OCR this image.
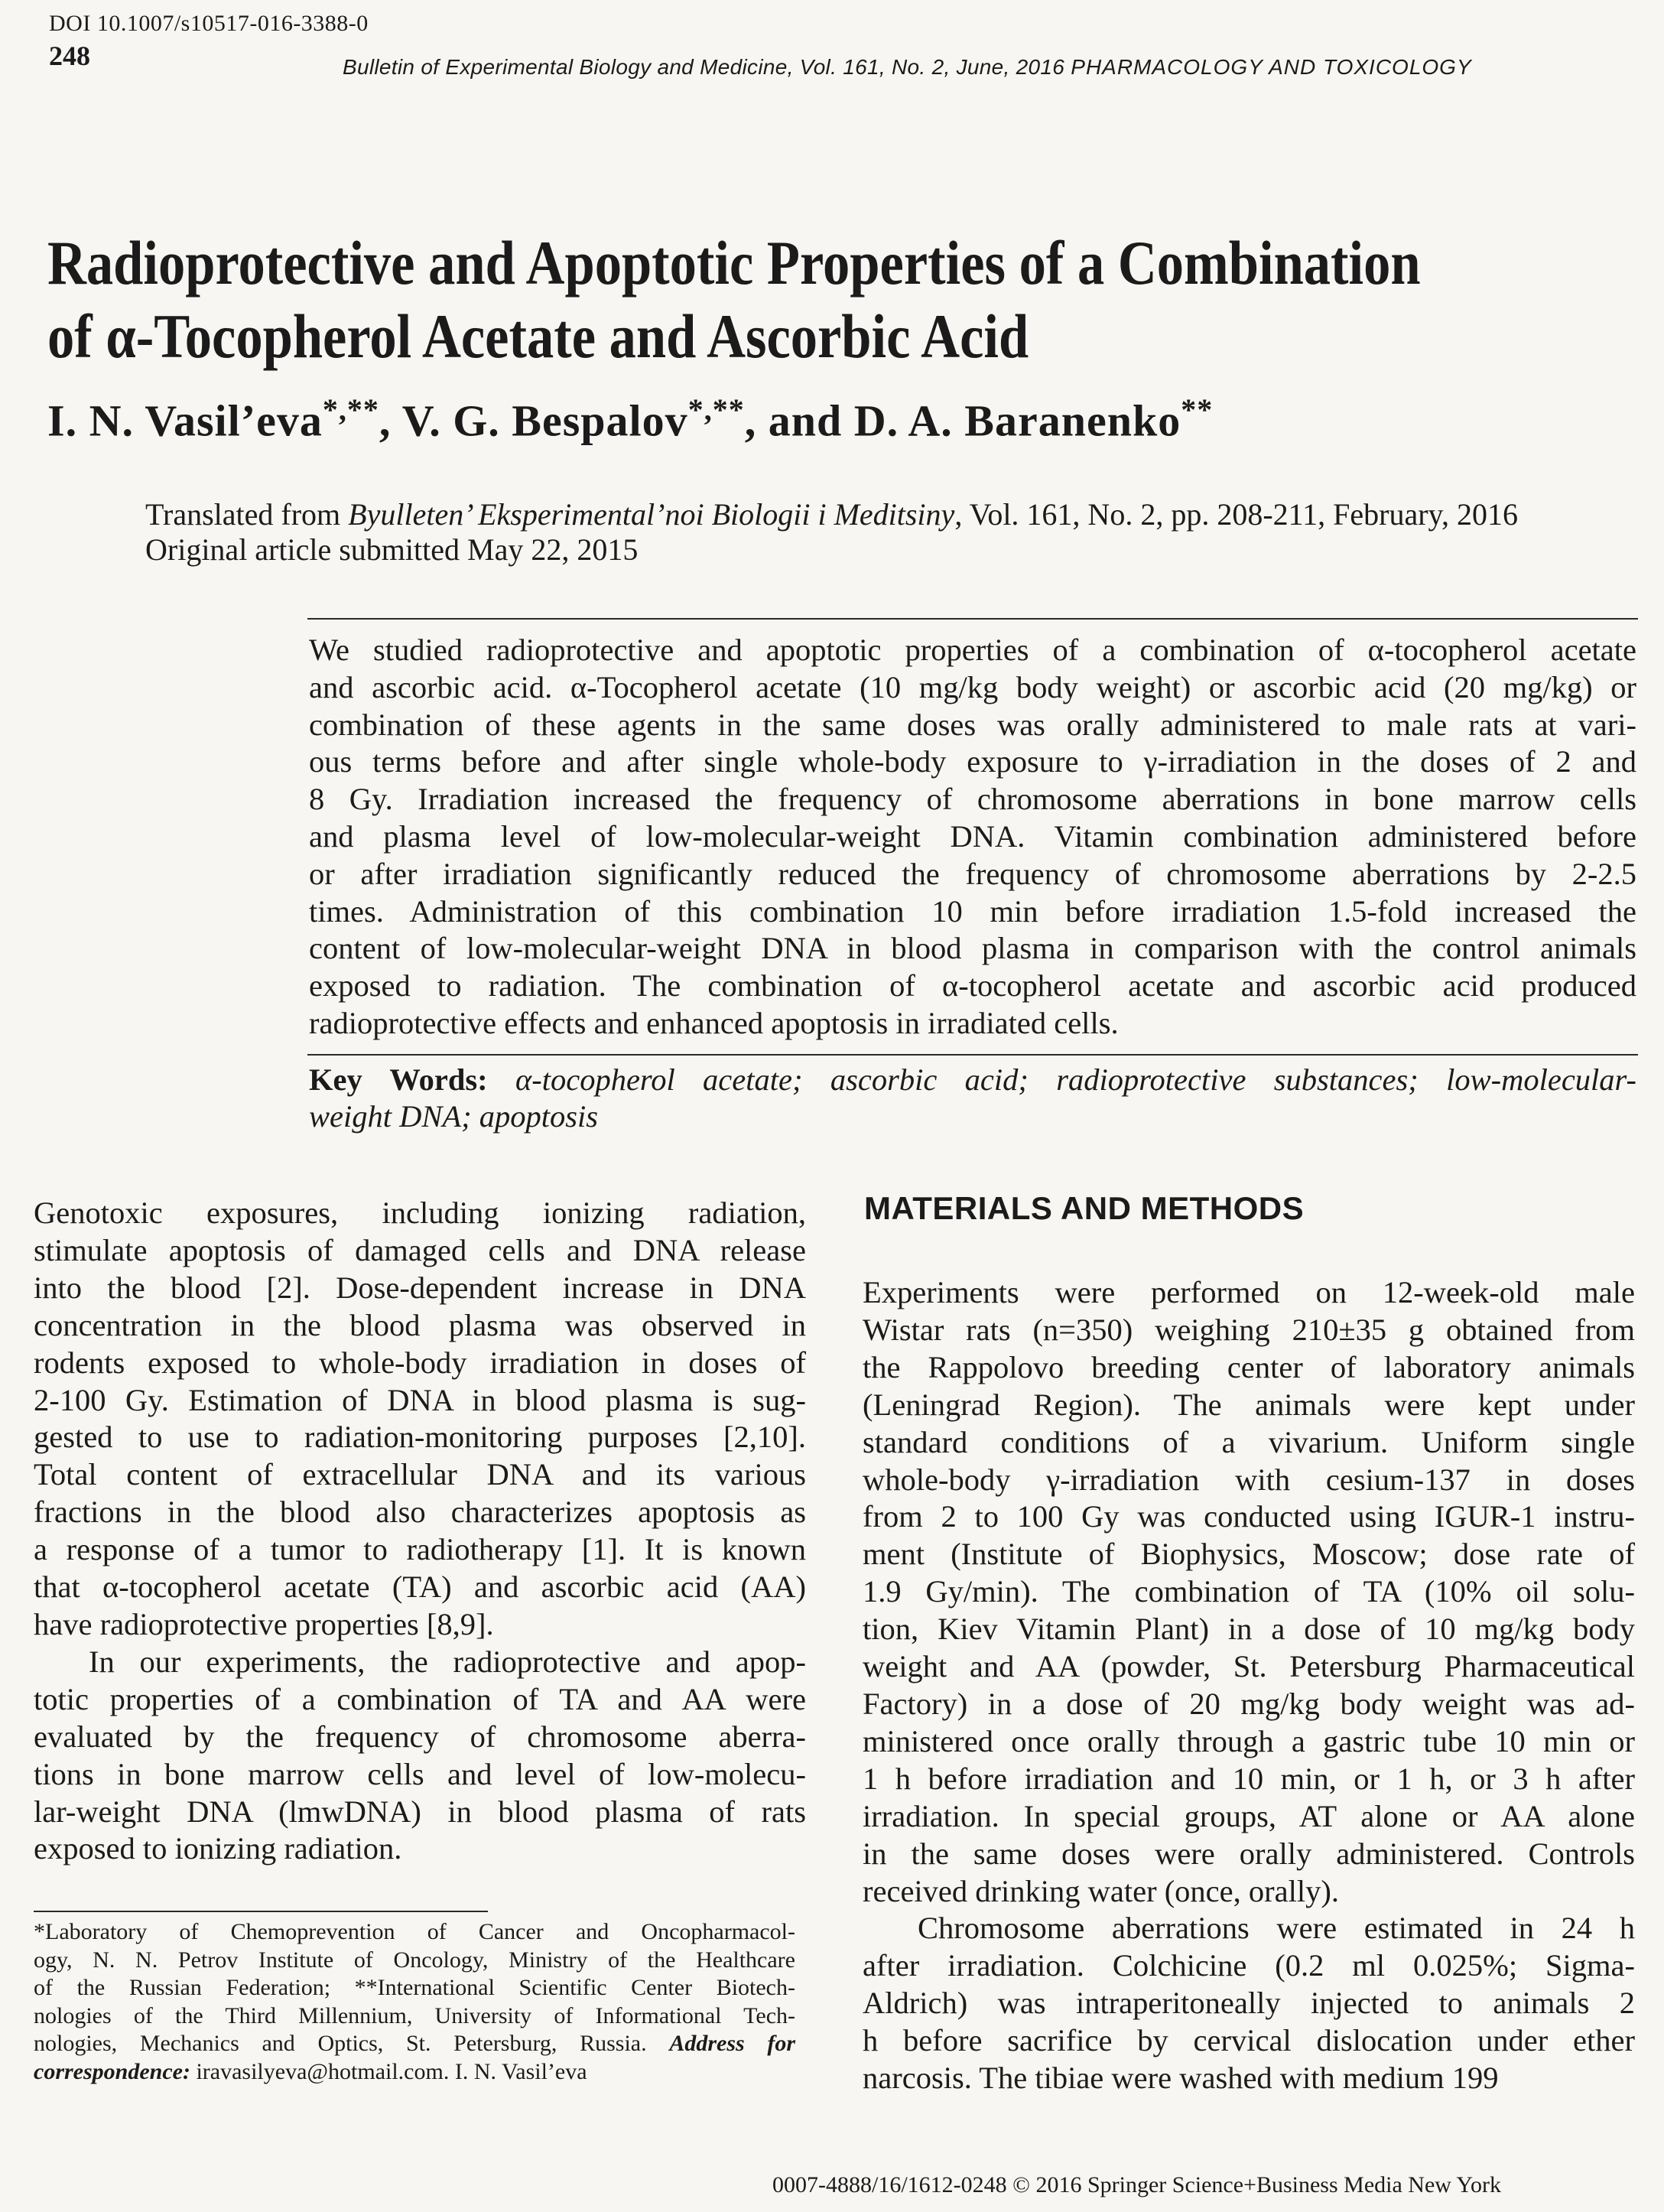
DOI 10.1007/s10517-016-3388-0
248	Bulletin of Experimental Biology and Medicine, Vol. 161, No. 2, June, 2016 PHARMACOLOGY AND TOXICOLOGY
Radioprotective and Apoptotic Properties of a Combination
of α-Tocopherol Acetate and Ascorbic Acid
I. N. Vasil’eva*,**, V. G. Bespalov*,**, and D. A. Baranenko**
Translated from Byulleten’ Eksperimental’noi Biologii i Meditsiny, Vol. 161, No. 2, pp. 208-211, February, 2016
Original article submitted May 22, 2015
We studied radioprotective and apoptotic properties of a combination of α-tocopherol acetate
and ascorbic acid. α-Tocopherol acetate (10 mg/kg body weight) or ascorbic acid (20 mg/kg) or
combination of these agents in the same doses was orally administered to male rats at vari-
ous terms before and after single whole-body exposure to γ-irradiation in the doses of 2 and
8 Gy. Irradiation increased the frequency of chromosome aberrations in bone marrow cells
and plasma level of low-molecular-weight DNA. Vitamin combination administered before
or after irradiation significantly reduced the frequency of chromosome aberrations by 2-2.5
times. Administration of this combination 10 min before irradiation 1.5-fold increased the
content of low-molecular-weight DNA in blood plasma in comparison with the control animals
exposed to radiation. The combination of α-tocopherol acetate and ascorbic acid produced
radioprotective effects and enhanced apoptosis in irradiated cells.
Key Words: α-tocopherol acetate; ascorbic acid; radioprotective substances; low-molecular-
weight DNA; apoptosis
Genotoxic exposures, including ionizing radiation,
stimulate apoptosis of damaged cells and DNA release
into the blood [2]. Dose-dependent increase in DNA
concentration in the blood plasma was observed in
rodents exposed to whole-body irradiation in doses of
2-100 Gy. Estimation of DNA in blood plasma is sug-
gested to use to radiation-monitoring purposes [2,10].
Total content of extracellular DNA and its various
fractions in the blood also characterizes apoptosis as
a response of a tumor to radiotherapy [1]. It is known
that α-tocopherol acetate (TA) and ascorbic acid (AA)
have radioprotective properties [8,9].
In our experiments, the radioprotective and apop-
totic properties of a combination of TA and AA were
evaluated by the frequency of chromosome aberra-
tions in bone marrow cells and level of low-molecu-
lar-weight DNA (lmwDNA) in blood plasma of rats
exposed to ionizing radiation.
*Laboratory of Chemoprevention of Cancer and Oncopharmacol-
ogy, N. N. Petrov Institute of Oncology, Ministry of the Healthcare
of the Russian Federation; **International Scientific Center Biotech-
nologies of the Third Millennium, University of Informational Tech-
nologies, Mechanics and Optics, St. Petersburg, Russia. Address for
correspondence: iravasilyeva@hotmail.com. I. N. Vasil’eva
MATERIALS AND METHODS
Experiments were performed on 12-week-old male
Wistar rats (n=350) weighing 210±35 g obtained from
the Rappolovo breeding center of laboratory animals
(Leningrad Region). The animals were kept under
standard conditions of a vivarium. Uniform single
whole-body γ-irradiation with cesium-137 in doses
from 2 to 100 Gy was conducted using IGUR-1 instru-
ment (Institute of Biophysics, Moscow; dose rate of
1.9 Gy/min). The combination of TA (10% oil solu-
tion, Kiev Vitamin Plant) in a dose of 10 mg/kg body
weight and AA (powder, St. Petersburg Pharmaceutical
Factory) in a dose of 20 mg/kg body weight was ad-
ministered once orally through a gastric tube 10 min or
1 h before irradiation and 10 min, or 1 h, or 3 h after
irradiation. In special groups, AT alone or AA alone
in the same doses were orally administered. Controls
received drinking water (once, orally).
Chromosome aberrations were estimated in 24 h
after irradiation. Colchicine (0.2 ml 0.025%; Sigma-
Aldrich) was intraperitoneally injected to animals 2
h before sacrifice by cervical dislocation under ether
narcosis. The tibiae were washed with medium 199
0007-4888/16/1612-0248 © 2016 Springer Science+Business Media New York
